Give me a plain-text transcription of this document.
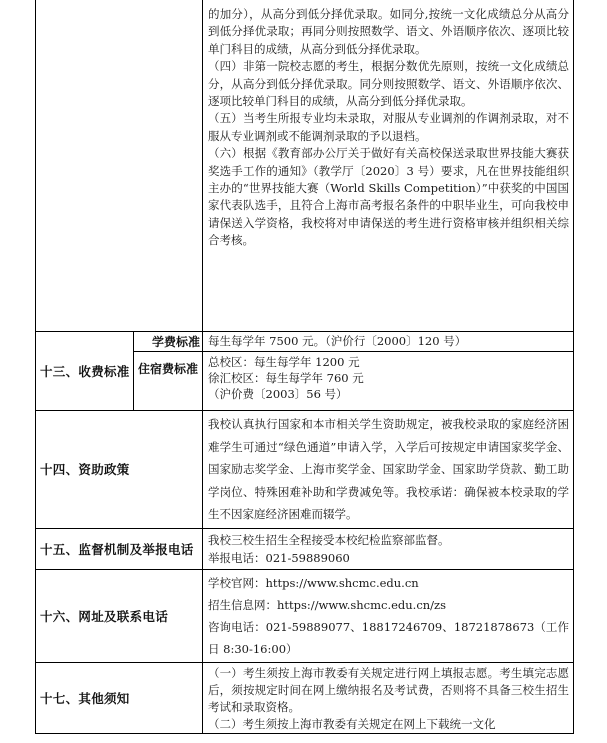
		的加分），从高分到低分择优录取。如同分,按统一文化成绩总分从高分到低分择优录取；再同分则按照数学、语文、外语顺序依次、逐项比较单门科目的成绩，从高分到低分择优录取。

（四）非第一院校志愿的考生，根据分数优先原则，按统一文化成绩总分，从高分到低分择优录取。同分则按照数学、语文、外语顺序依次、逐项比较单门科目的成绩，从高分到低分择优录取。

（五）当考生所报专业均未录取，对服从专业调剂的作调剂录取，对不服从专业调剂或不能调剂录取的予以退档。

（六）根据《教育部办公厅关于做好有关高校保送录取世界技能大赛获奖选手工作的通知》（教学厅〔2020〕3 号）要求，凡在世界技能组织主办的“世界技能大赛（World Skills Competition）”中获奖的中国国家代表队选手，且符合上海市高考报名条件的中职毕业生，可向我校申请保送入学资格，我校将对申请保送的考生进行资格审核并组织相关综合考核。

十三、收费标准	学费标准	每生每学年 7500 元。（沪价行〔2000〕120 号）

	住宿费标准	总校区：每生每学年 1200 元

徐汇校区：每生每学年 760 元

（沪价费〔2003〕56 号）

十四、资助政策		我校认真执行国家和本市相关学生资助规定，被我校录取的家庭经济困难学生可通过“绿色通道”申请入学，入学后可按规定申请国家奖学金、国家励志奖学金、上海市奖学金、国家助学金、国家助学贷款、勤工助学岗位、特殊困难补助和学费减免等。我校承诺：确保被本校录取的学生不因家庭经济困难而辍学。

十五、监督机制及举报电话		我校三校生招生全程接受本校纪检监察部监督。

举报电话：021-59889060

十六、网址及联系电话		学校官网：https://www.shcmc.edu.cn

招生信息网：https://www.shcmc.edu.cn/zs

咨询电话：021-59889077、18817246709、18721878673（工作日 8:30-16:00）

十七、其他须知		（一）考生须按上海市教委有关规定进行网上填报志愿。考生填完志愿后，须按规定时间在网上缴纳报名及考试费，否则将不具备三校生招生考试和录取资格。

（二）考生须按上海市教委有关规定在网上下载统一文化
